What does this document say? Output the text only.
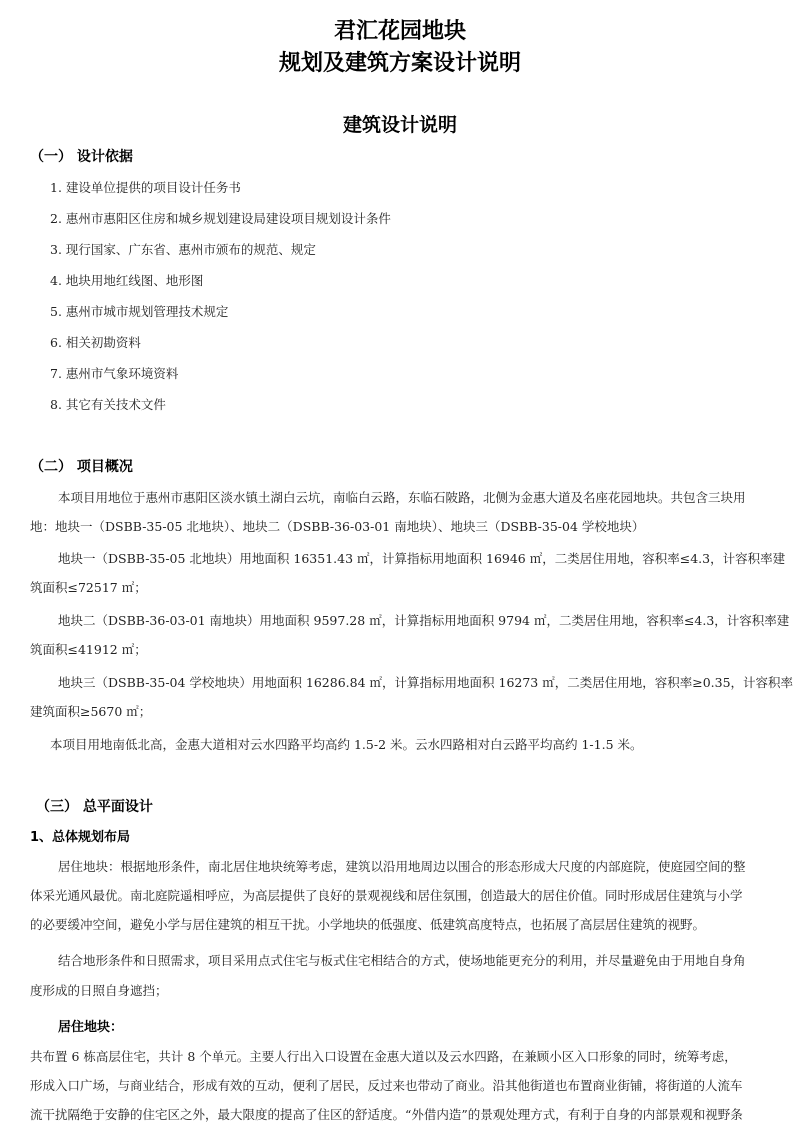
君汇花园地块
规划及建筑方案设计说明
建筑设计说明
（一） 设计依据
1. 建设单位提供的项目设计任务书
2. 惠州市惠阳区住房和城乡规划建设局建设项目规划设计条件
3. 现行国家、广东省、惠州市颁布的规范、规定
4. 地块用地红线图、地形图
5. 惠州市城市规划管理技术规定
6. 相关初勘资料
7. 惠州市气象环境资料
8. 其它有关技术文件
（二） 项目概况
本项目用地位于惠州市惠阳区淡水镇土湖白云坑，南临白云路，东临石陂路，北侧为金惠大道及名座花园地块。共包含三块用
地：地块一（DSBB-35-05 北地块）、地块二（DSBB-36-03-01 南地块）、地块三（DSBB-35-04 学校地块）
地块一（DSBB-35-05 北地块）用地面积 16351.43 ㎡，计算指标用地面积 16946 ㎡，二类居住用地，容积率≤4.3，计容积率建
筑面积≤72517 ㎡；
地块二（DSBB-36-03-01 南地块）用地面积 9597.28 ㎡，计算指标用地面积 9794 ㎡，二类居住用地，容积率≤4.3，计容积率建
筑面积≤41912 ㎡；
地块三（DSBB-35-04 学校地块）用地面积 16286.84 ㎡，计算指标用地面积 16273 ㎡，二类居住用地，容积率≥0.35，计容积率
建筑面积≥5670 ㎡；
本项目用地南低北高，金惠大道相对云水四路平均高约 1.5-2 米。云水四路相对白云路平均高约 1-1.5 米。
（三） 总平面设计
1、总体规划布局
居住地块：根据地形条件，南北居住地块统筹考虑，建筑以沿用地周边以围合的形态形成大尺度的内部庭院，使庭园空间的整
体采光通风最优。南北庭院遥相呼应，为高层提供了良好的景观视线和居住氛围，创造最大的居住价值。同时形成居住建筑与小学
的必要缓冲空间，避免小学与居住建筑的相互干扰。小学地块的低强度、低建筑高度特点，也拓展了高层居住建筑的视野。
结合地形条件和日照需求，项目采用点式住宅与板式住宅相结合的方式，使场地能更充分的利用，并尽量避免由于用地自身角
度形成的日照自身遮挡；
居住地块：
共布置 6 栋高层住宅，共计 8 个单元。主要人行出入口设置在金惠大道以及云水四路，在兼顾小区入口形象的同时，统筹考虑，
形成入口广场，与商业结合，形成有效的互动，便利了居民，反过来也带动了商业。沿其他街道也布置商业街铺，将街道的人流车
流干扰隔绝于安静的住宅区之外，最大限度的提高了住区的舒适度。“外借内造”的景观处理方式，有利于自身的内部景观和视野条
